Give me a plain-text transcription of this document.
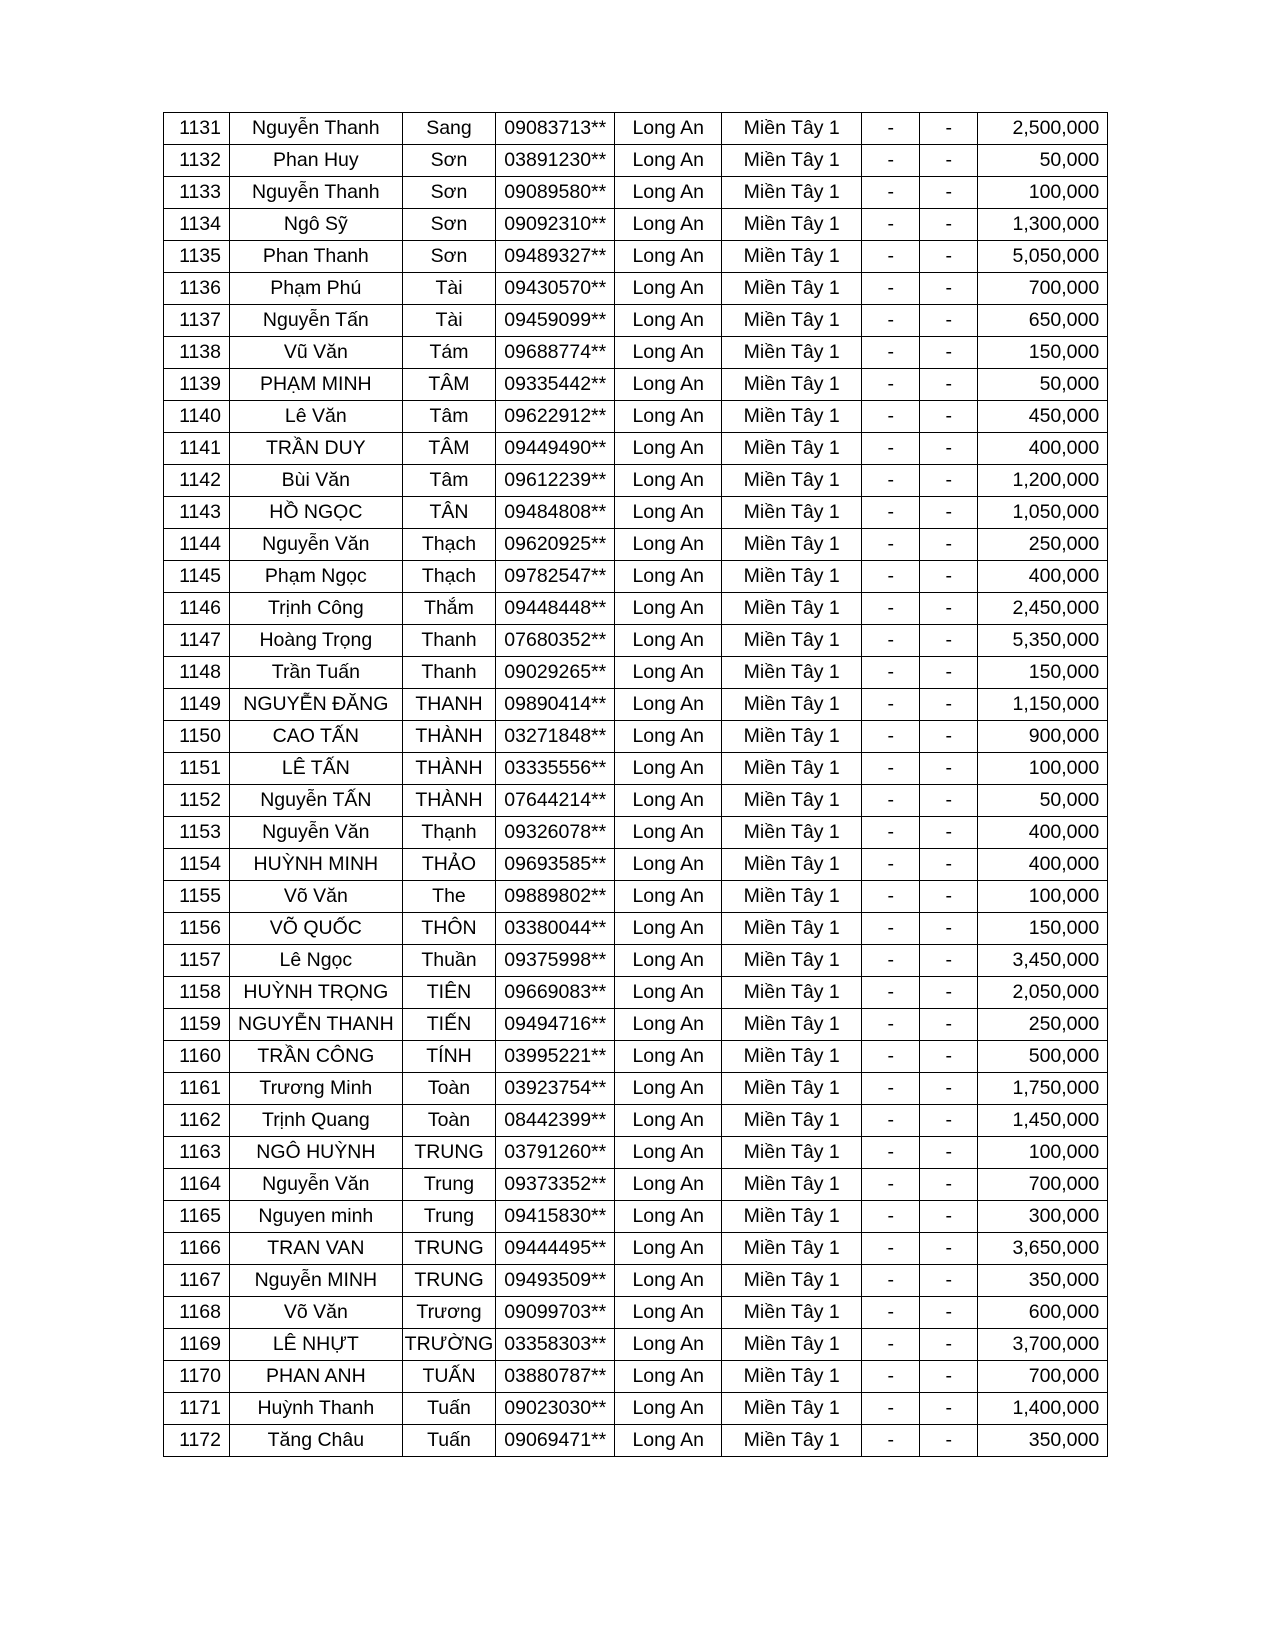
1131	Nguyễn Thanh	Sang	09083713**	Long An	Miền Tây 1	-	-	2,500,000
1132	Phan Huy	Sơn	03891230**	Long An	Miền Tây 1	-	-	50,000
1133	Nguyễn Thanh	Sơn	09089580**	Long An	Miền Tây 1	-	-	100,000
1134	Ngô Sỹ	Sơn	09092310**	Long An	Miền Tây 1	-	-	1,300,000
1135	Phan Thanh	Sơn	09489327**	Long An	Miền Tây 1	-	-	5,050,000
1136	Phạm Phú	Tài	09430570**	Long An	Miền Tây 1	-	-	700,000
1137	Nguyễn Tấn	Tài	09459099**	Long An	Miền Tây 1	-	-	650,000
1138	Vũ Văn	Tám	09688774**	Long An	Miền Tây 1	-	-	150,000
1139	PHẠM MINH	TÂM	09335442**	Long An	Miền Tây 1	-	-	50,000
1140	Lê Văn	Tâm	09622912**	Long An	Miền Tây 1	-	-	450,000
1141	TRẦN DUY	TÂM	09449490**	Long An	Miền Tây 1	-	-	400,000
1142	Bùi Văn	Tâm	09612239**	Long An	Miền Tây 1	-	-	1,200,000
1143	HỒ NGỌC	TÂN	09484808**	Long An	Miền Tây 1	-	-	1,050,000
1144	Nguyễn Văn	Thạch	09620925**	Long An	Miền Tây 1	-	-	250,000
1145	Phạm Ngọc	Thạch	09782547**	Long An	Miền Tây 1	-	-	400,000
1146	Trịnh Công	Thắm	09448448**	Long An	Miền Tây 1	-	-	2,450,000
1147	Hoàng Trọng	Thanh	07680352**	Long An	Miền Tây 1	-	-	5,350,000
1148	Trần Tuấn	Thanh	09029265**	Long An	Miền Tây 1	-	-	150,000
1149	NGUYỄN ĐĂNG	THANH	09890414**	Long An	Miền Tây 1	-	-	1,150,000
1150	CAO TẤN	THÀNH	03271848**	Long An	Miền Tây 1	-	-	900,000
1151	LÊ TẤN	THÀNH	03335556**	Long An	Miền Tây 1	-	-	100,000
1152	Nguyễn TẤN	THÀNH	07644214**	Long An	Miền Tây 1	-	-	50,000
1153	Nguyễn Văn	Thạnh	09326078**	Long An	Miền Tây 1	-	-	400,000
1154	HUỲNH MINH	THẢO	09693585**	Long An	Miền Tây 1	-	-	400,000
1155	Võ Văn	The	09889802**	Long An	Miền Tây 1	-	-	100,000
1156	VÕ QUỐC	THÔN	03380044**	Long An	Miền Tây 1	-	-	150,000
1157	Lê Ngọc	Thuần	09375998**	Long An	Miền Tây 1	-	-	3,450,000
1158	HUỲNH TRỌNG	TIÊN	09669083**	Long An	Miền Tây 1	-	-	2,050,000
1159	NGUYỄN THANH	TIẾN	09494716**	Long An	Miền Tây 1	-	-	250,000
1160	TRẦN CÔNG	TÍNH	03995221**	Long An	Miền Tây 1	-	-	500,000
1161	Trương Minh	Toàn	03923754**	Long An	Miền Tây 1	-	-	1,750,000
1162	Trịnh Quang	Toàn	08442399**	Long An	Miền Tây 1	-	-	1,450,000
1163	NGÔ HUỲNH	TRUNG	03791260**	Long An	Miền Tây 1	-	-	100,000
1164	Nguyễn Văn	Trung	09373352**	Long An	Miền Tây 1	-	-	700,000
1165	Nguyen minh	Trung	09415830**	Long An	Miền Tây 1	-	-	300,000
1166	TRAN VAN	TRUNG	09444495**	Long An	Miền Tây 1	-	-	3,650,000
1167	Nguyễn MINH	TRUNG	09493509**	Long An	Miền Tây 1	-	-	350,000
1168	Võ Văn	Trương	09099703**	Long An	Miền Tây 1	-	-	600,000
1169	LÊ NHỰT	TRƯỜNG	03358303**	Long An	Miền Tây 1	-	-	3,700,000
1170	PHAN ANH	TUẤN	03880787**	Long An	Miền Tây 1	-	-	700,000
1171	Huỳnh Thanh	Tuấn	09023030**	Long An	Miền Tây 1	-	-	1,400,000
1172	Tăng Châu	Tuấn	09069471**	Long An	Miền Tây 1	-	-	350,000
